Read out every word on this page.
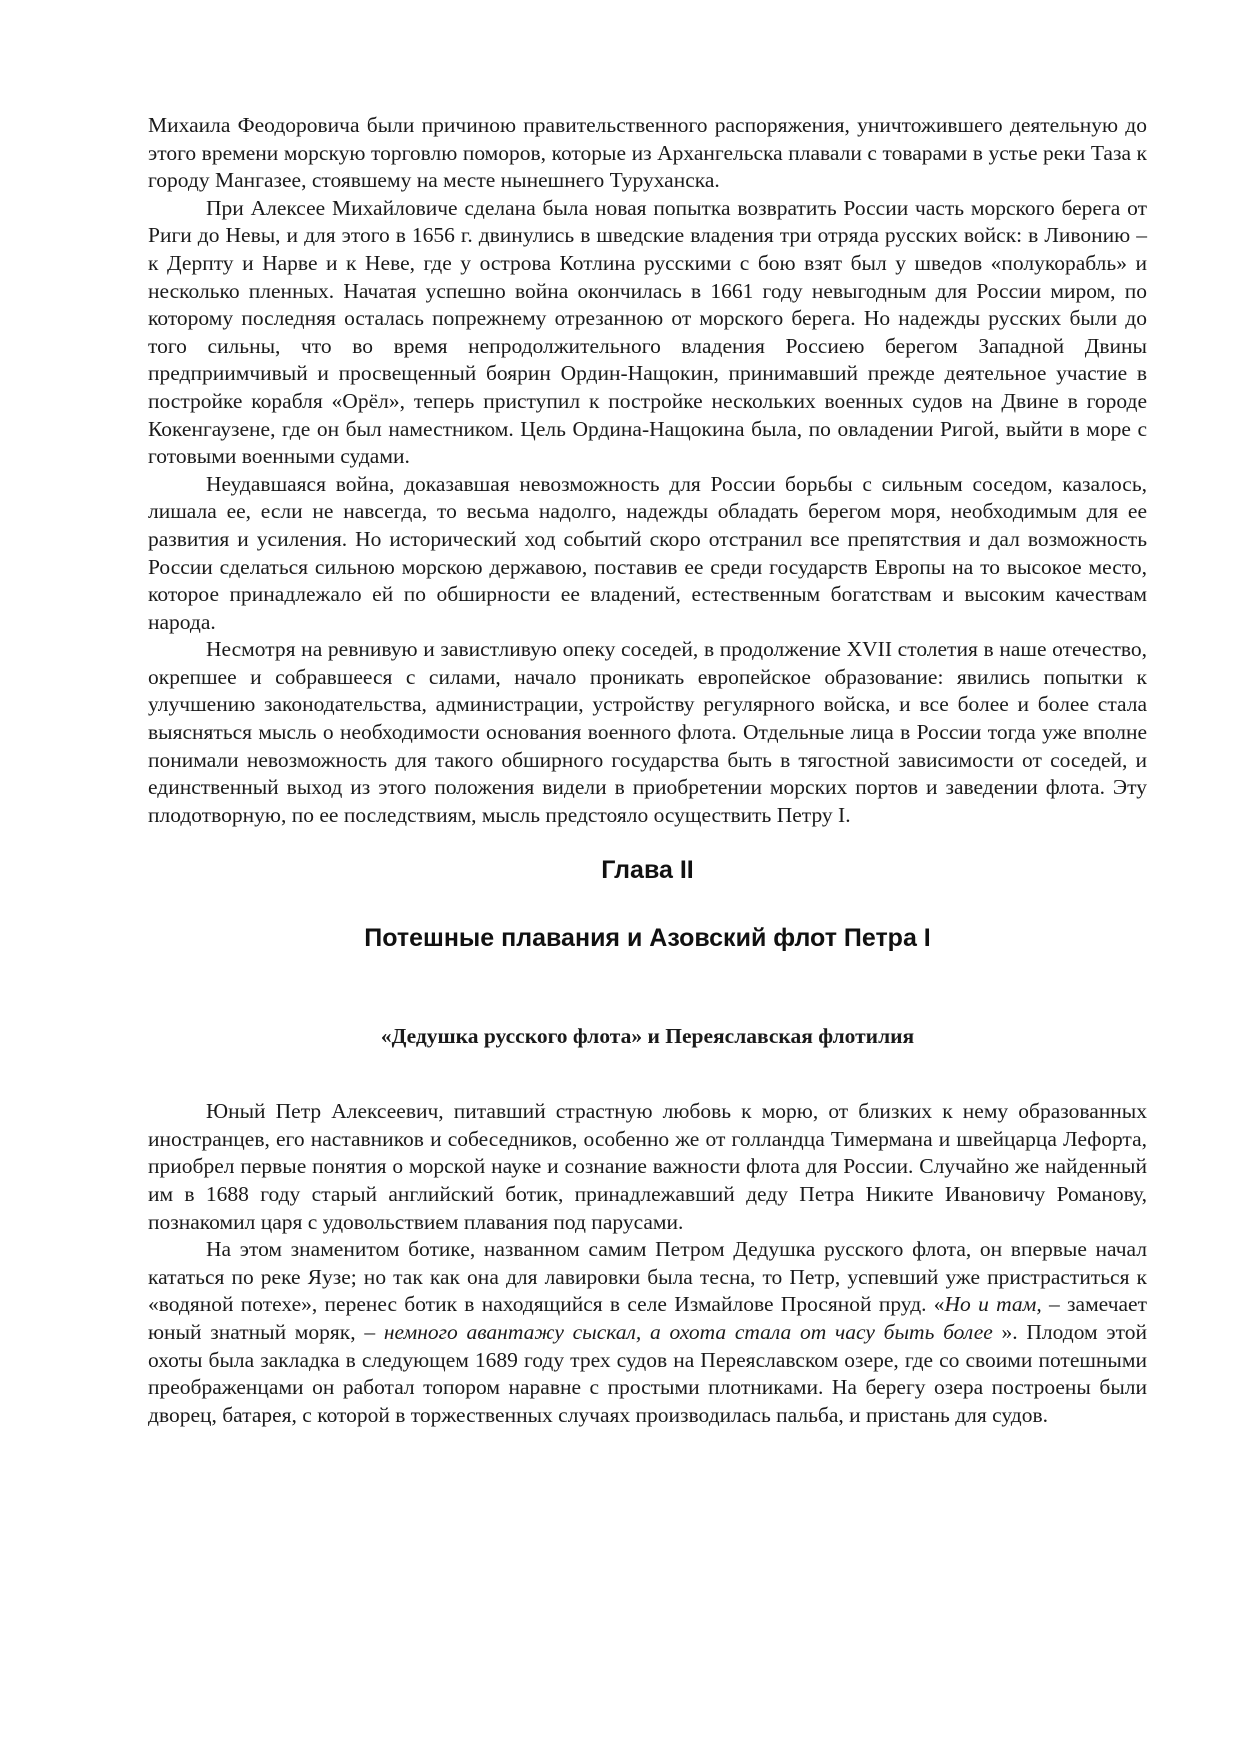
Михаила Феодоровича были причиною правительственного распоряжения, уничтожившего деятельную до этого времени морскую торговлю поморов, которые из Архангельска плавали с товарами в устье реки Таза к городу Мангазее, стоявшему на месте нынешнего Туруханска.

При Алексее Михайловиче сделана была новая попытка возвратить России часть морского берега от Риги до Невы, и для этого в 1656 г. двинулись в шведские владения три отряда русских войск: в Ливонию – к Дерпту и Нарве и к Неве, где у острова Котлина русскими с бою взят был у шведов «полукорабль» и несколько пленных. Начатая успешно война окончилась в 1661 году невыгодным для России миром, по которому последняя осталась попрежнему отрезанною от морского берега. Но надежды русских были до того сильны, что во время непродолжительного владения Россиею берегом Западной Двины предприимчивый и просвещенный боярин Ордин-Нащокин, принимавший прежде деятельное участие в постройке корабля «Орёл», теперь приступил к постройке нескольких военных судов на Двине в городе Кокенгаузене, где он был наместником. Цель Ордина-Нащокина была, по овладении Ригой, выйти в море с готовыми военными судами.

Неудавшаяся война, доказавшая невозможность для России борьбы с сильным соседом, казалось, лишала ее, если не навсегда, то весьма надолго, надежды обладать берегом моря, необходимым для ее развития и усиления. Но исторический ход событий скоро отстранил все препятствия и дал возможность России сделаться сильною морскою державою, поставив ее среди государств Европы на то высокое место, которое принадлежало ей по обширности ее владений, естественным богатствам и высоким качествам народа.

Несмотря на ревнивую и завистливую опеку соседей, в продолжение XVII столетия в наше отечество, окрепшее и собравшееся с силами, начало проникать европейское образование: явились попытки к улучшению законодательства, администрации, устройству регулярного войска, и все более и более стала выясняться мысль о необходимости основания военного флота. Отдельные лица в России тогда уже вполне понимали невозможность для такого обширного государства быть в тягостной зависимости от соседей, и единственный выход из этого положения видели в приобретении морских портов и заведении флота. Эту плодотворную, по ее последствиям, мысль предстояло осуществить Петру I.

Глава II
Потешные плавания и Азовский флот Петра I
«Дедушка русского флота» и Переяславская флотилия

Юный Петр Алексеевич, питавший страстную любовь к морю, от близких к нему образованных иностранцев, его наставников и собеседников, особенно же от голландца Тимермана и швейцарца Лефорта, приобрел первые понятия о морской науке и сознание важности флота для России. Случайно же найденный им в 1688 году старый английский ботик, принадлежавший деду Петра Никите Ивановичу Романову, познакомил царя с удовольствием плавания под парусами.

На этом знаменитом ботике, названном самим Петром Дедушка русского флота, он впервые начал кататься по реке Яузе; но так как она для лавировки была тесна, то Петр, успевший уже пристраститься к «водяной потехе», перенес ботик в находящийся в селе Измайлове Просяной пруд. «Но и там, – замечает юный знатный моряк, – немного авантажу сыскал, а охота стала от часу быть более ». Плодом этой охоты была закладка в следующем 1689 году трех судов на Переяславском озере, где со своими потешными преображенцами он работал топором наравне с простыми плотниками. На берегу озера построены были дворец, батарея, с которой в торжественных случаях производилась пальба, и пристань для судов.
